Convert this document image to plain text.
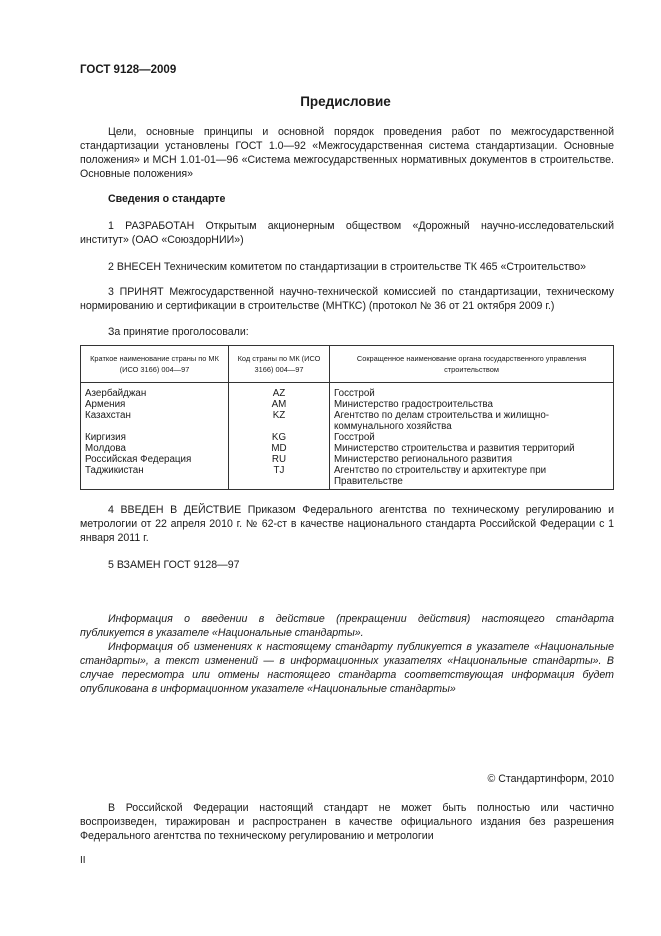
ГОСТ 9128—2009
Предисловие

Цели, основные принципы и основной порядок проведения работ по межгосударственной стандартизации установлены ГОСТ 1.0—92 «Межгосударственная система стандартизации. Основные положения» и МСН 1.01-01—96 «Система межгосударственных нормативных документов в строительстве. Основные положения»

Сведения о стандарте

1 РАЗРАБОТАН Открытым акционерным обществом «Дорожный научно-исследовательский институт» (ОАО «СоюздорНИИ»)

2 ВНЕСЕН Техническим комитетом по стандартизации в строительстве ТК 465 «Строительство»

3 ПРИНЯТ Межгосударственной научно-технической комиссией по стандартизации, техническому нормированию и сертификации в строительстве (МНТКС) (протокол № 36 от 21 октября 2009 г.)

За принятие проголосовали:
Краткое наименование страны по МК (ИСО 3166) 004—97	Код страны по МК (ИСО 3166) 004—97	Сокращенное наименование органа государственного управления строительством
Азербайджан	AZ	Госстрой
Армения	AM	Министерство градостроительства
Казахстан	KZ	Агентство по делам строительства и жилищно-коммунального хозяйства
Киргизия	KG	Госстрой
Молдова	MD	Министерство строительства и развития территорий
Российская Федерация	RU	Министерство регионального развития
Таджикистан	TJ	Агентство по строительству и архитектуре при Правительстве

4 ВВЕДЕН В ДЕЙСТВИЕ Приказом Федерального агентства по техническому регулированию и метрологии от 22 апреля 2010 г. № 62-ст в качестве национального стандарта Российской Федерации с 1 января 2011 г.

5 ВЗАМЕН ГОСТ 9128—97

Информация о введении в действие (прекращении действия) настоящего стандарта публикуется в указателе «Национальные стандарты».

Информация об изменениях к настоящему стандарту публикуется в указателе «Национальные стандарты», а текст изменений — в информационных указателях «Национальные стандарты». В случае пересмотра или отмены настоящего стандарта соответствующая информация будет опубликована в информационном указателе «Национальные стандарты»

© Стандартинформ, 2010
В Российской Федерации настоящий стандарт не может быть полностью или частично воспроизведен, тиражирован и распространен в качестве официального издания без разрешения Федерального агентства по техническому регулированию и метрологии
II
